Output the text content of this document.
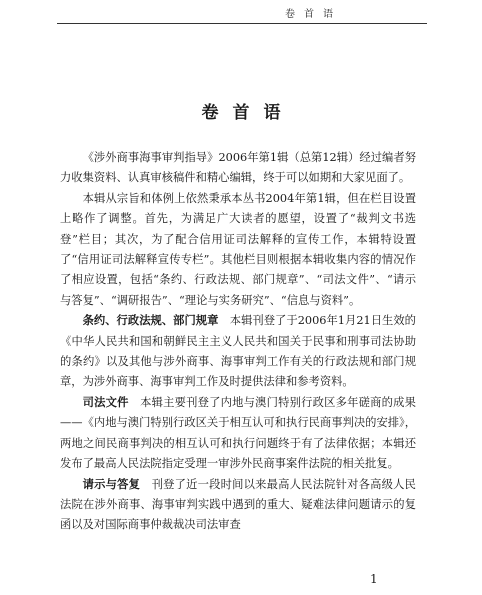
卷首语
卷首语

《涉外商事海事审判指导》2006年第1辑（总第12辑）经过编者努力收集资料、认真审核稿件和精心编辑，终于可以如期和大家见面了。

本辑从宗旨和体例上依然秉承本丛书2004年第1辑，但在栏目设置上略作了调整。首先，为满足广大读者的愿望，设置了“裁判文书选登”栏目；其次，为了配合信用证司法解释的宣传工作，本辑特设置了“信用证司法解释宣传专栏”。其他栏目则根据本辑收集内容的情况作了相应设置，包括“条约、行政法规、部门规章”、“司法文件”、“请示与答复”、“调研报告”、“理论与实务研究”、“信息与资料”。

条约、行政法规、部门规章　本辑刊登了于2006年1月21日生效的《中华人民共和国和朝鲜民主主义人民共和国关于民事和刑事司法协助的条约》以及其他与涉外商事、海事审判工作有关的行政法规和部门规章，为涉外商事、海事审判工作及时提供法律和参考资料。

司法文件　本辑主要刊登了内地与澳门特别行政区多年磋商的成果——《内地与澳门特别行政区关于相互认可和执行民商事判决的安排》，两地之间民商事判决的相互认可和执行问题终于有了法律依据；本辑还发布了最高人民法院指定受理一审涉外民商事案件法院的相关批复。

请示与答复　刊登了近一段时间以来最高人民法院针对各高级人民法院在涉外商事、海事审判实践中遇到的重大、疑难法律问题请示的复函以及对国际商事仲裁裁决司法审查

1
